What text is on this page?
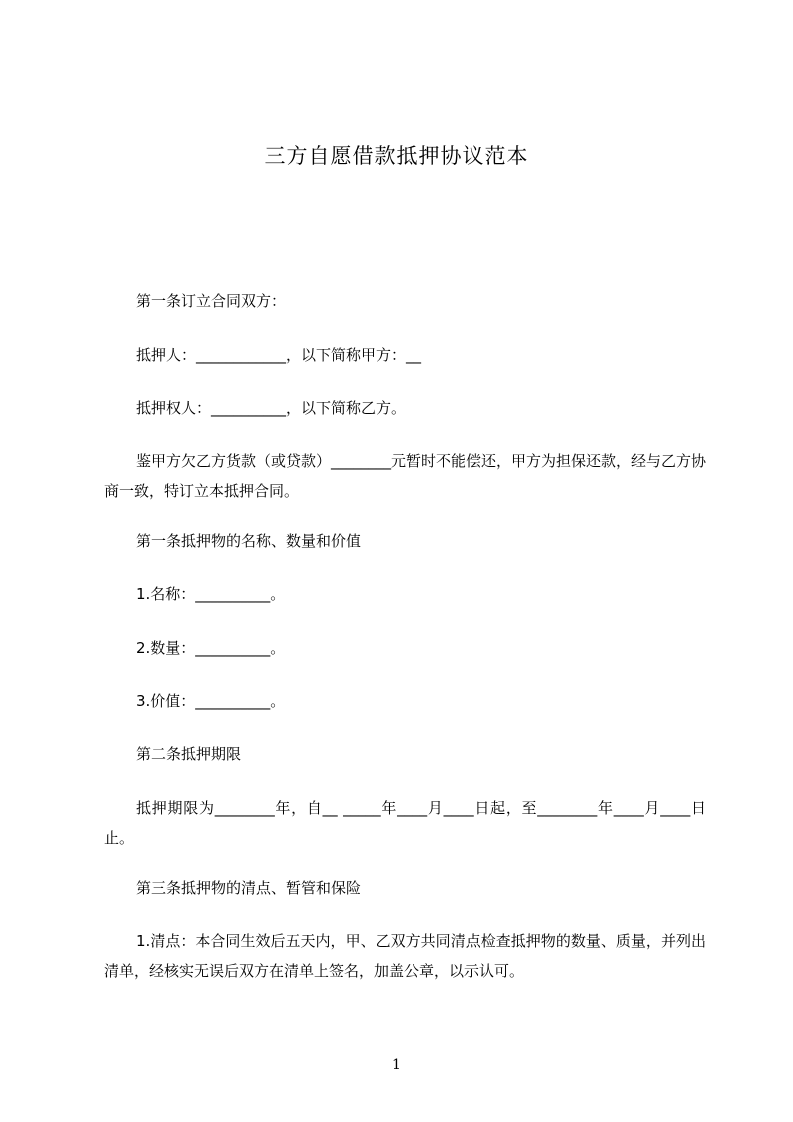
三方自愿借款抵押协议范本
第一条订立合同双方：
抵押人：____________，以下简称甲方：__
抵押权人：__________，以下简称乙方。
鉴甲方欠乙方货款（或贷款）________元暂时不能偿还，甲方为担保还款，经与乙方协商一致，特订立本抵押合同。
第一条抵押物的名称、数量和价值
1.名称：__________。
2.数量：__________。
3.价值：__________。
第二条抵押期限
抵押期限为________年，自__ _____年____月____日起，至________年____月____日止。
第三条抵押物的清点、暂管和保险
1.清点：本合同生效后五天内，甲、乙双方共同清点检查抵押物的数量、质量，并列出清单，经核实无误后双方在清单上签名，加盖公章，以示认可。
1
